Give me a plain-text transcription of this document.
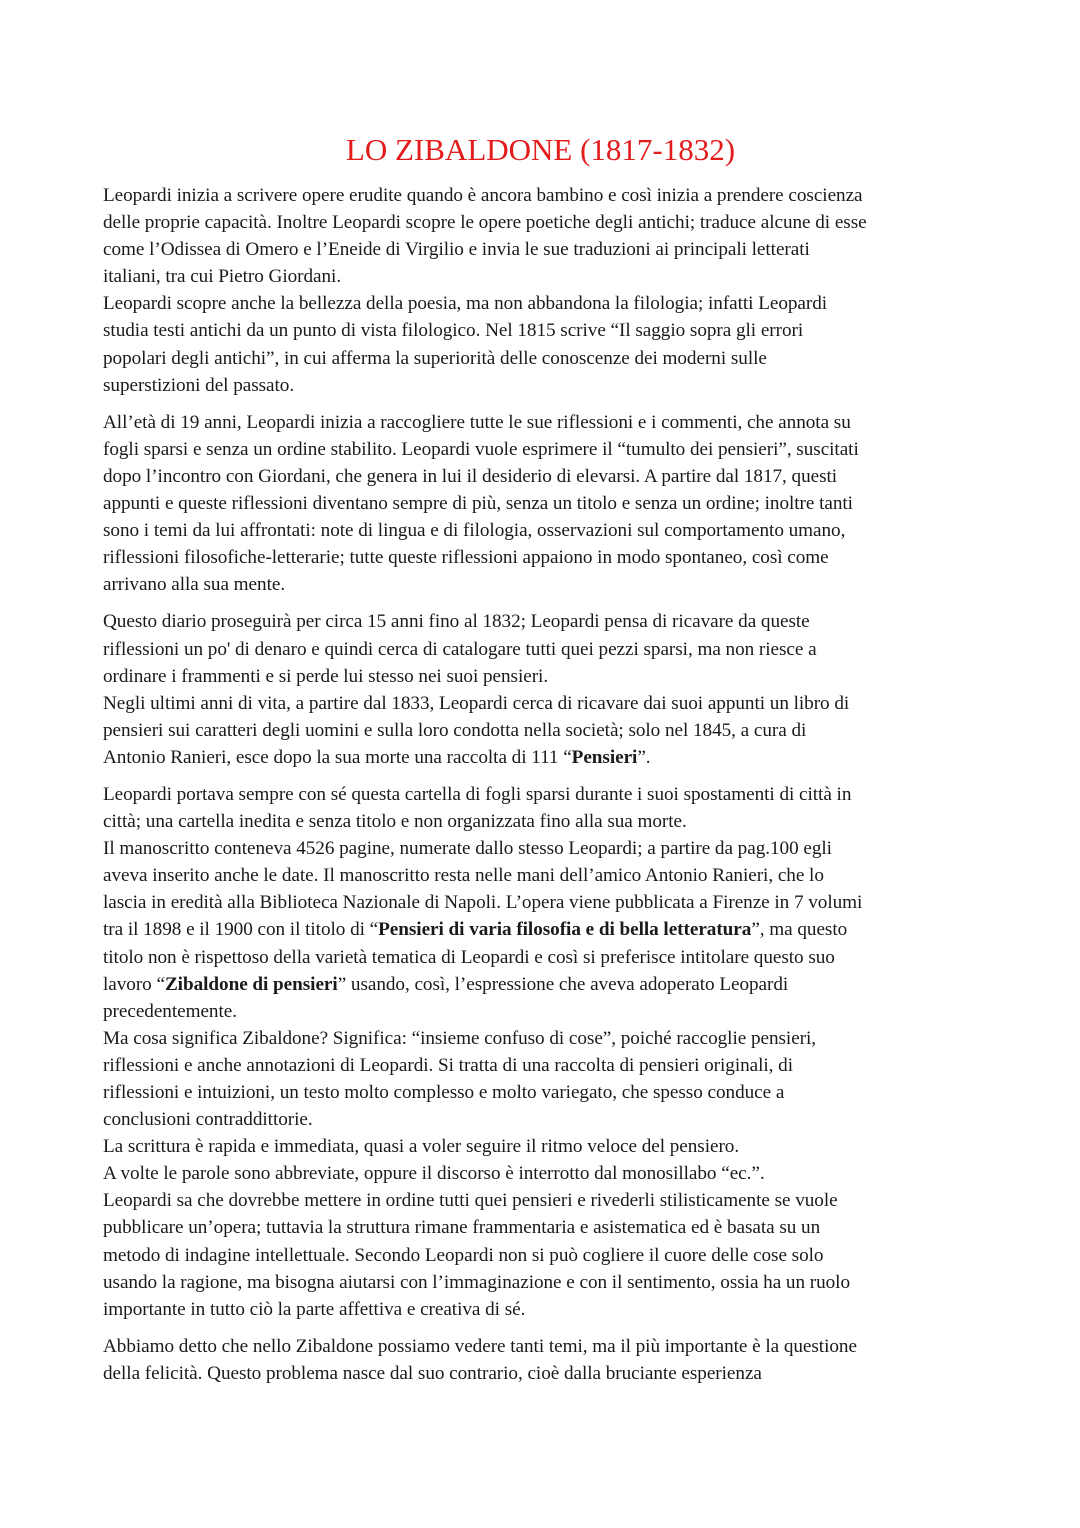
LO ZIBALDONE (1817-1832)

Leopardi inizia a scrivere opere erudite quando è ancora bambino e così inizia a prendere coscienza
delle proprie capacità. Inoltre Leopardi scopre le opere poetiche degli antichi; traduce alcune di esse
come l’Odissea di Omero e l’Eneide di Virgilio e invia le sue traduzioni ai principali letterati
italiani, tra cui Pietro Giordani.
Leopardi scopre anche la bellezza della poesia, ma non abbandona la filologia; infatti Leopardi
studia testi antichi da un punto di vista filologico. Nel 1815 scrive “Il saggio sopra gli errori
popolari degli antichi”, in cui afferma la superiorità delle conoscenze dei moderni sulle
superstizioni del passato.

All’età di 19 anni, Leopardi inizia a raccogliere tutte le sue riflessioni e i commenti, che annota su
fogli sparsi e senza un ordine stabilito. Leopardi vuole esprimere il “tumulto dei pensieri”, suscitati
dopo l’incontro con Giordani, che genera in lui il desiderio di elevarsi. A partire dal 1817, questi
appunti e queste riflessioni diventano sempre di più, senza un titolo e senza un ordine; inoltre tanti
sono i temi da lui affrontati: note di lingua e di filologia, osservazioni sul comportamento umano,
riflessioni filosofiche-letterarie; tutte queste riflessioni appaiono in modo spontaneo, così come
arrivano alla sua mente.

Questo diario proseguirà per circa 15 anni fino al 1832; Leopardi pensa di ricavare da queste
riflessioni un po' di denaro e quindi cerca di catalogare tutti quei pezzi sparsi, ma non riesce a
ordinare i frammenti e si perde lui stesso nei suoi pensieri.
Negli ultimi anni di vita, a partire dal 1833, Leopardi cerca di ricavare dai suoi appunti un libro di
pensieri sui caratteri degli uomini e sulla loro condotta nella società; solo nel 1845, a cura di
Antonio Ranieri, esce dopo la sua morte una raccolta di 111 “Pensieri”.

Leopardi portava sempre con sé questa cartella di fogli sparsi durante i suoi spostamenti di città in
città; una cartella inedita e senza titolo e non organizzata fino alla sua morte.
Il manoscritto conteneva 4526 pagine, numerate dallo stesso Leopardi; a partire da pag.100 egli
aveva inserito anche le date. Il manoscritto resta nelle mani dell’amico Antonio Ranieri, che lo
lascia in eredità alla Biblioteca Nazionale di Napoli. L’opera viene pubblicata a Firenze in 7 volumi
tra il 1898 e il 1900 con il titolo di “Pensieri di varia filosofia e di bella letteratura”, ma questo
titolo non è rispettoso della varietà tematica di Leopardi e così si preferisce intitolare questo suo
lavoro “Zibaldone di pensieri” usando, così, l’espressione che aveva adoperato Leopardi
precedentemente.
Ma cosa significa Zibaldone? Significa: “insieme confuso di cose”, poiché raccoglie pensieri,
riflessioni e anche annotazioni di Leopardi. Si tratta di una raccolta di pensieri originali, di
riflessioni e intuizioni, un testo molto complesso e molto variegato, che spesso conduce a
conclusioni contraddittorie.
La scrittura è rapida e immediata, quasi a voler seguire il ritmo veloce del pensiero.
A volte le parole sono abbreviate, oppure il discorso è interrotto dal monosillabo “ec.”.
Leopardi sa che dovrebbe mettere in ordine tutti quei pensieri e rivederli stilisticamente se vuole
pubblicare un’opera; tuttavia la struttura rimane frammentaria e asistematica ed è basata su un
metodo di indagine intellettuale. Secondo Leopardi non si può cogliere il cuore delle cose solo
usando la ragione, ma bisogna aiutarsi con l’immaginazione e con il sentimento, ossia ha un ruolo
importante in tutto ciò la parte affettiva e creativa di sé.

Abbiamo detto che nello Zibaldone possiamo vedere tanti temi, ma il più importante è la questione
della felicità. Questo problema nasce dal suo contrario, cioè dalla bruciante esperienza
